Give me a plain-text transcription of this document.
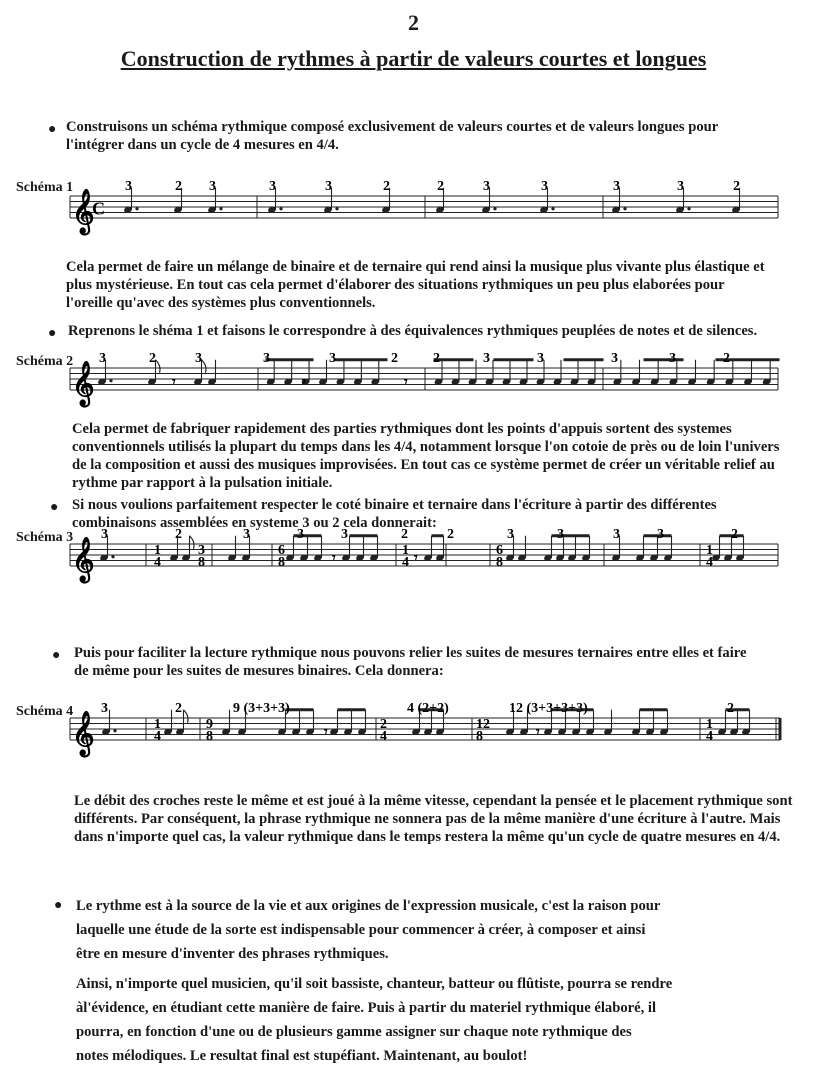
2
Construction de rythmes à partir de valeurs courtes et longues
● Construisons un schéma rythmique composé exclusivement de valeurs courtes et de valeurs longues pour l'intégrer dans un cycle de 4 mesures en 4/4.

Schéma 1
𝄞
C
3	2 3	3	3	2	2	3	3	3	3	2

Cela permet de faire un mélange de binaire et de ternaire qui rend ainsi la musique plus vivante plus élastique et plus mystérieuse. En tout cas cela permet d'élaborer des situations rythmiques un peu plus elaborées pour l'oreille qu'avec des systèmes plus conventionnels.

● Reprenons le shéma 1 et faisons le correspondre à des équivalences rythmiques peuplées de notes et de silences.

Schéma 2
𝄞	𝄾	𝄾	𝄾
3	2	3	3	3	2	2	3	3	3	3	2

Cela permet de fabriquer rapidement des parties rythmiques dont les points d'appuis sortent des systemes conventionnels utilisés la plupart du temps dans les 4/4, notamment lorsque l'on cotoie de près ou de loin l'univers de la composition et aussi des musiques improvisées. En tout cas ce système permet de créer un véritable relief au rythme par rapport à la pulsation initiale.

● Si nous voulions parfaitement respecter le coté binaire et ternaire dans l'écriture à partir des différentes combinaisons assemblées en systeme 3 ou 2 cela donnerait:

Schéma 3
𝄞	𝄾	𝄾
1
4
3
8
6
8
1
4
6
8
1
4
3	2	3	3	3	2	2	3	3	3	3	2
● Puis pour faciliter la lecture rythmique nous pouvons relier les suites de mesures ternaires entre elles et faire de même pour les suites de mesures binaires. Cela donnera:

Schéma 4
𝄞	𝄾	𝄾
1
4
9
8
2
4
12
8
1
4
3	2	9 (3+3+3)	4 (2+2)	12 (3+3+3+3)	2

Le débit des croches reste le même et est joué à la même vitesse, cependant la pensée et le placement rythmique sont différents. Par conséquent, la phrase rythmique ne sonnera pas de la même manière d'une écriture à l'autre. Mais dans n'importe quel cas, la valeur rythmique dans le temps restera la même qu'un cycle de quatre mesures en 4/4.

● Le rythme est à la source de la vie et aux origines de l'expression musicale, c'est la raison pour
laquelle une étude de la sorte est indispensable pour commencer à créer, à composer et ainsi
être en mesure d'inventer des phrases rythmiques.
Ainsi, n'importe quel musicien, qu'il soit bassiste, chanteur, batteur ou flûtiste, pourra se rendre
àl'évidence, en étudiant cette manière de faire. Puis à partir du materiel rythmique élaboré, il
pourra, en fonction d'une ou de plusieurs gamme assigner sur chaque note rythmique des
notes mélodiques. Le resultat final est stupéfiant. Maintenant, au boulot!
